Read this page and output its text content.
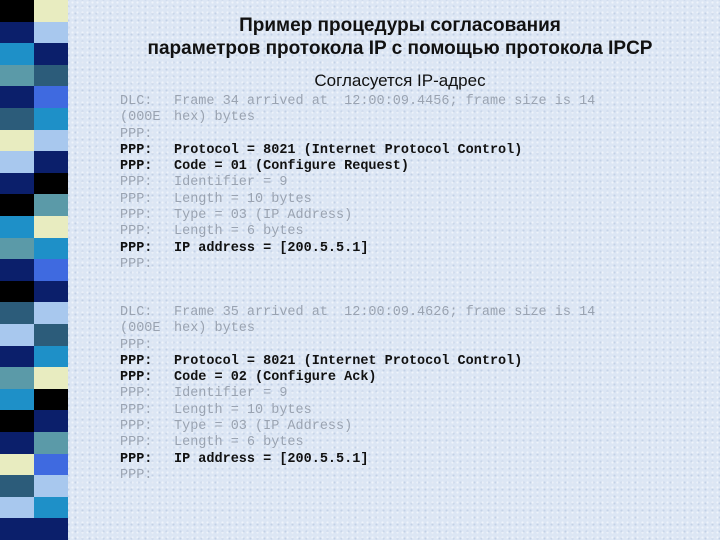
Пример процедуры согласования
параметров протокола IP с помощью протокола IPCP
Согласуется IP-адрес
DLC: Frame 34 arrived at  12:00:09.4456; frame size is 14
(000E hex) bytes
PPP:
PPP: Protocol = 8021 (Internet Protocol Control)
PPP: Code = 01 (Configure Request)
PPP: Identifier = 9
PPP: Length = 10 bytes
PPP: Type = 03 (IP Address)
PPP: Length = 6 bytes
PPP: IP address = [200.5.5.1]
PPP:
DLC: Frame 35 arrived at  12:00:09.4626; frame size is 14
(000E hex) bytes
PPP:
PPP: Protocol = 8021 (Internet Protocol Control)
PPP: Code = 02 (Configure Ack)
PPP: Identifier = 9
PPP: Length = 10 bytes
PPP: Type = 03 (IP Address)
PPP: Length = 6 bytes
PPP: IP address = [200.5.5.1]
PPP:
